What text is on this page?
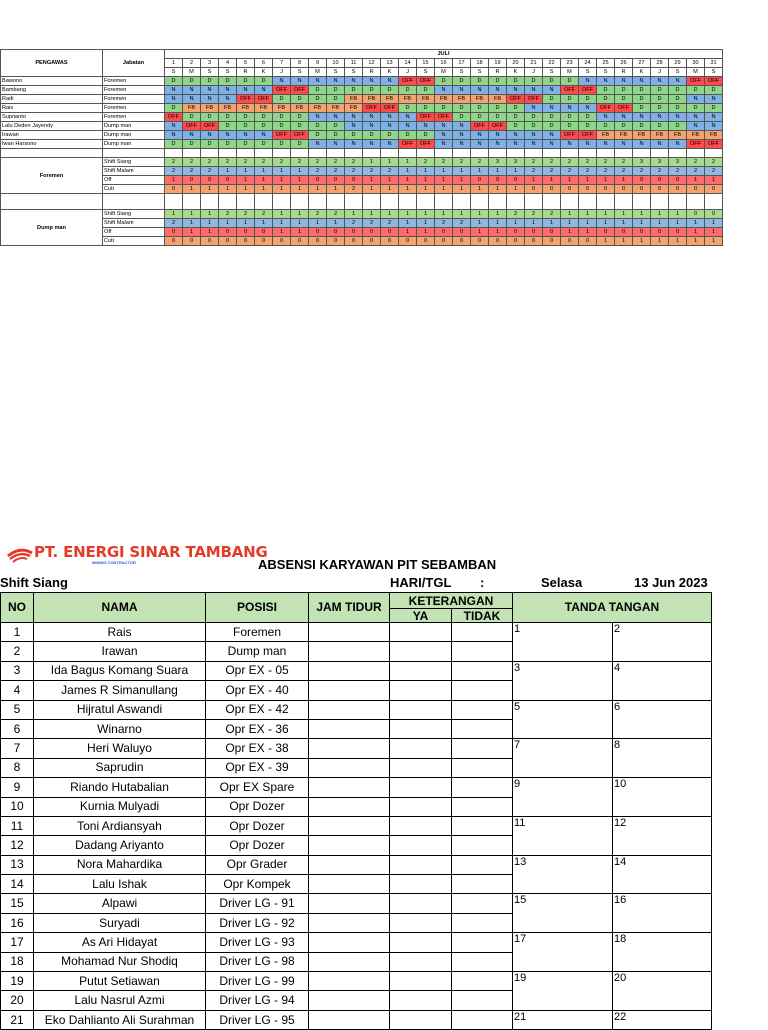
PENGAWAS	Jabatan	JULI																														
		1	2	3	4	5	6	7	8	9	10	11	12	13	14	15	16	17	18	19	20	21	22	23	24	25	26	27	28	29	30	31
		S	M	S	S	R	K	J	S	M	S	S	R	K	J	S	M	S	S	R	K	J	S	M	S	S	R	K	J	S	M	S
Bawono	Foremen	D	D	D	D	D	D	N	N	N	N	N	N	N	OFF	OFF	D	D	D	D	D	D	D	D	N	N	N	N	N	N	OFF	OFF
Bambang	Foremen	N	N	N	N	N	N	OFF	OFF	D	D	D	D	D	D	D	N	N	N	N	N	N	N	OFF	OFF	D	D	D	D	D	D	D
Radi	Foremen	N	N	N	N	OFF	OFF	D	D	D	D	FB	FB	FB	FB	FB	FB	FB	FB	FB	OFF	OFF	D	D	D	D	D	D	D	D	N	N
Rais	Foremen	D	FB	FB	FB	FB	FB	FB	FB	FB	FB	FB	OFF	OFF	D	D	D	D	D	D	D	N	N	N	N	OFF	OFF	D	D	D	D	D
Suprianto	Foremen	OFF	D	D	D	D	D	D	D	N	N	N	N	N	N	OFF	OFF	D	D	D	D	D	D	D	D	N	N	N	N	N	N	N
Lalu Deden Jayendy	Dump man	N	OFF	OFF	D	D	D	D	D	D	D	N	N	N	N	N	N	N	OFF	OFF	D	D	D	D	D	D	D	D	D	D	N	N
Irawan	Dump man	N	N	N	N	N	N	OFF	OFF	D	D	D	D	D	D	D	N	N	N	N	N	N	N	OFF	OFF	FB	FB	FB	FB	FB	FB	FB
Iwan Harsono	Dump man	D	D	D	D	D	D	D	D	N	N	N	N	N	OFF	OFF	N	N	N	N	N	N	N	N	N	N	N	N	N	N	OFF	OFF

Foremen	Shift Siang	2	2	2	2	2	2	2	2	2	2	2	1	1	1	2	2	2	2	3	3	2	2	2	2	2	2	3	3	3	2	2
	Shift Malam	2	2	2	1	1	1	1	1	2	2	2	2	2	1	1	1	1	1	1	1	2	2	2	2	2	2	2	2	2	2	2
	Off	1	0	0	0	1	1	1	1	0	0	0	1	1	1	1	1	1	0	0	0	1	1	1	1	1	1	0	0	0	1	1
	Cuti	0	1	1	1	1	1	1	1	1	1	2	1	1	1	1	1	1	1	1	1	0	0	0	0	0	0	0	0	0	0	0

Dump man	Shift Siang	1	1	1	2	2	2	1	1	2	2	1	1	1	1	1	1	1	1	1	2	2	2	1	1	1	1	1	1	1	0	0
	Shift Malam	2	1	1	1	1	1	1	1	1	1	2	2	2	1	1	2	2	1	1	1	1	1	1	1	1	1	1	1	1	1	1
	Off	0	1	1	0	0	0	1	1	0	0	0	0	0	1	1	0	0	1	1	0	0	0	1	1	0	0	0	0	0	1	1
	Cuti	0	0	0	0	0	0	0	0	0	0	0	0	0	0	0	0	0	0	0	0	0	0	0	0	1	1	1	1	1	1	1
PT. ENERGI SINAR TAMBANG
MINING CONTRACTOR	ABSENSI KARYAWAN PIT SEBAMBAN
Shift Siang	HARI/TGL :	Selasa	13 Jun 2023
NO	NAMA	POSISI	JAM TIDUR	KETERANGAN		TANDA TANGAN	
				YA	TIDAK		
1	Rais	Foremen				1	2
2	Irawan	Dump man					
3	Ida Bagus Komang Suara	Opr EX - 05				3	4
4	James R Simanullang	Opr EX - 40					
5	Hijratul Aswandi	Opr EX - 42				5	6
6	Winarno	Opr EX - 36					
7	Heri Waluyo	Opr EX - 38				7	8
8	Saprudin	Opr EX - 39					
9	Riando Hutabalian	Opr EX Spare				9	10
10	Kurnia Mulyadi	Opr Dozer					
11	Toni Ardiansyah	Opr Dozer				11	12
12	Dadang Ariyanto	Opr Dozer					
13	Nora Mahardika	Opr Grader				13	14
14	Lalu Ishak	Opr Kompek					
15	Alpawi	Driver LG - 91				15	16
16	Suryadi	Driver LG - 92					
17	As Ari Hidayat	Driver LG - 93				17	18
18	Mohamad Nur Shodiq	Driver LG - 98					
19	Putut Setiawan	Driver LG - 99				19	20
20	Lalu Nasrul Azmi	Driver LG - 94					
21	Eko Dahlianto Ali Surahman	Driver LG - 95				21	22
